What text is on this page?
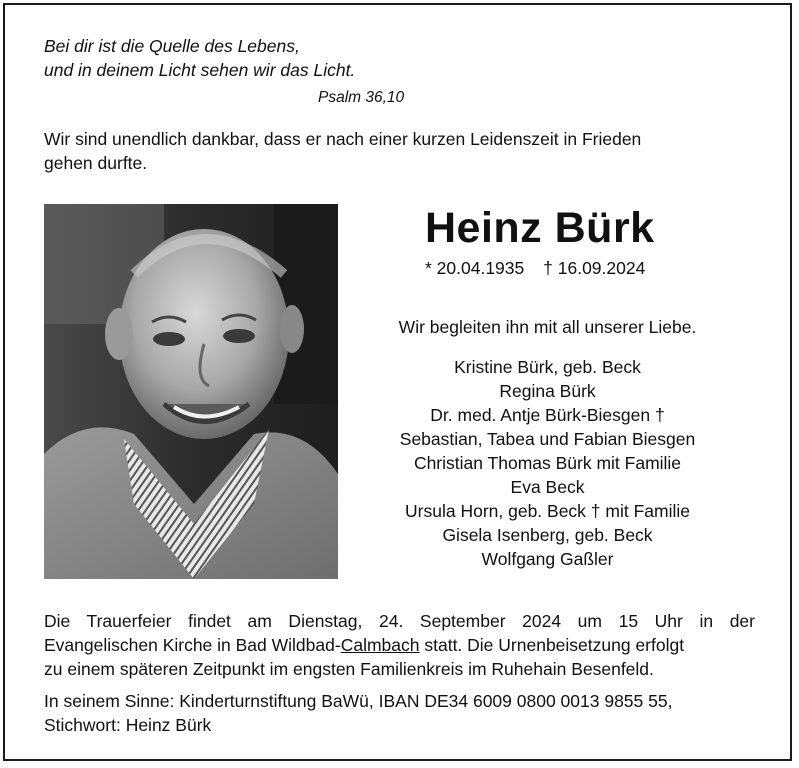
Bei dir ist die Quelle des Lebens,
und in deinem Licht sehen wir das Licht.
Psalm 36,10
Wir sind unendlich dankbar, dass er nach einer kurzen Leidenszeit in Frieden
gehen durfte.
Heinz Bürk
* 20.04.1935 † 16.09.2024
Wir begleiten ihn mit all unserer Liebe.
Kristine Bürk, geb. Beck
Regina Bürk
Dr. med. Antje Bürk-Biesgen †
Sebastian, Tabea und Fabian Biesgen
Christian Thomas Bürk mit Familie
Eva Beck
Ursula Horn, geb. Beck † mit Familie
Gisela Isenberg, geb. Beck
Wolfgang Gaßler
Die Trauerfeier findet am Dienstag, 24. September 2024 um 15 Uhr in der
Evangelischen Kirche in Bad Wildbad-Calmbach statt. Die Urnenbeisetzung erfolgt
zu einem späteren Zeitpunkt im engsten Familienkreis im Ruhehain Besenfeld.
In seinem Sinne: Kinderturnstiftung BaWü, IBAN DE34 6009 0800 0013 9855 55,
Stichwort: Heinz Bürk
